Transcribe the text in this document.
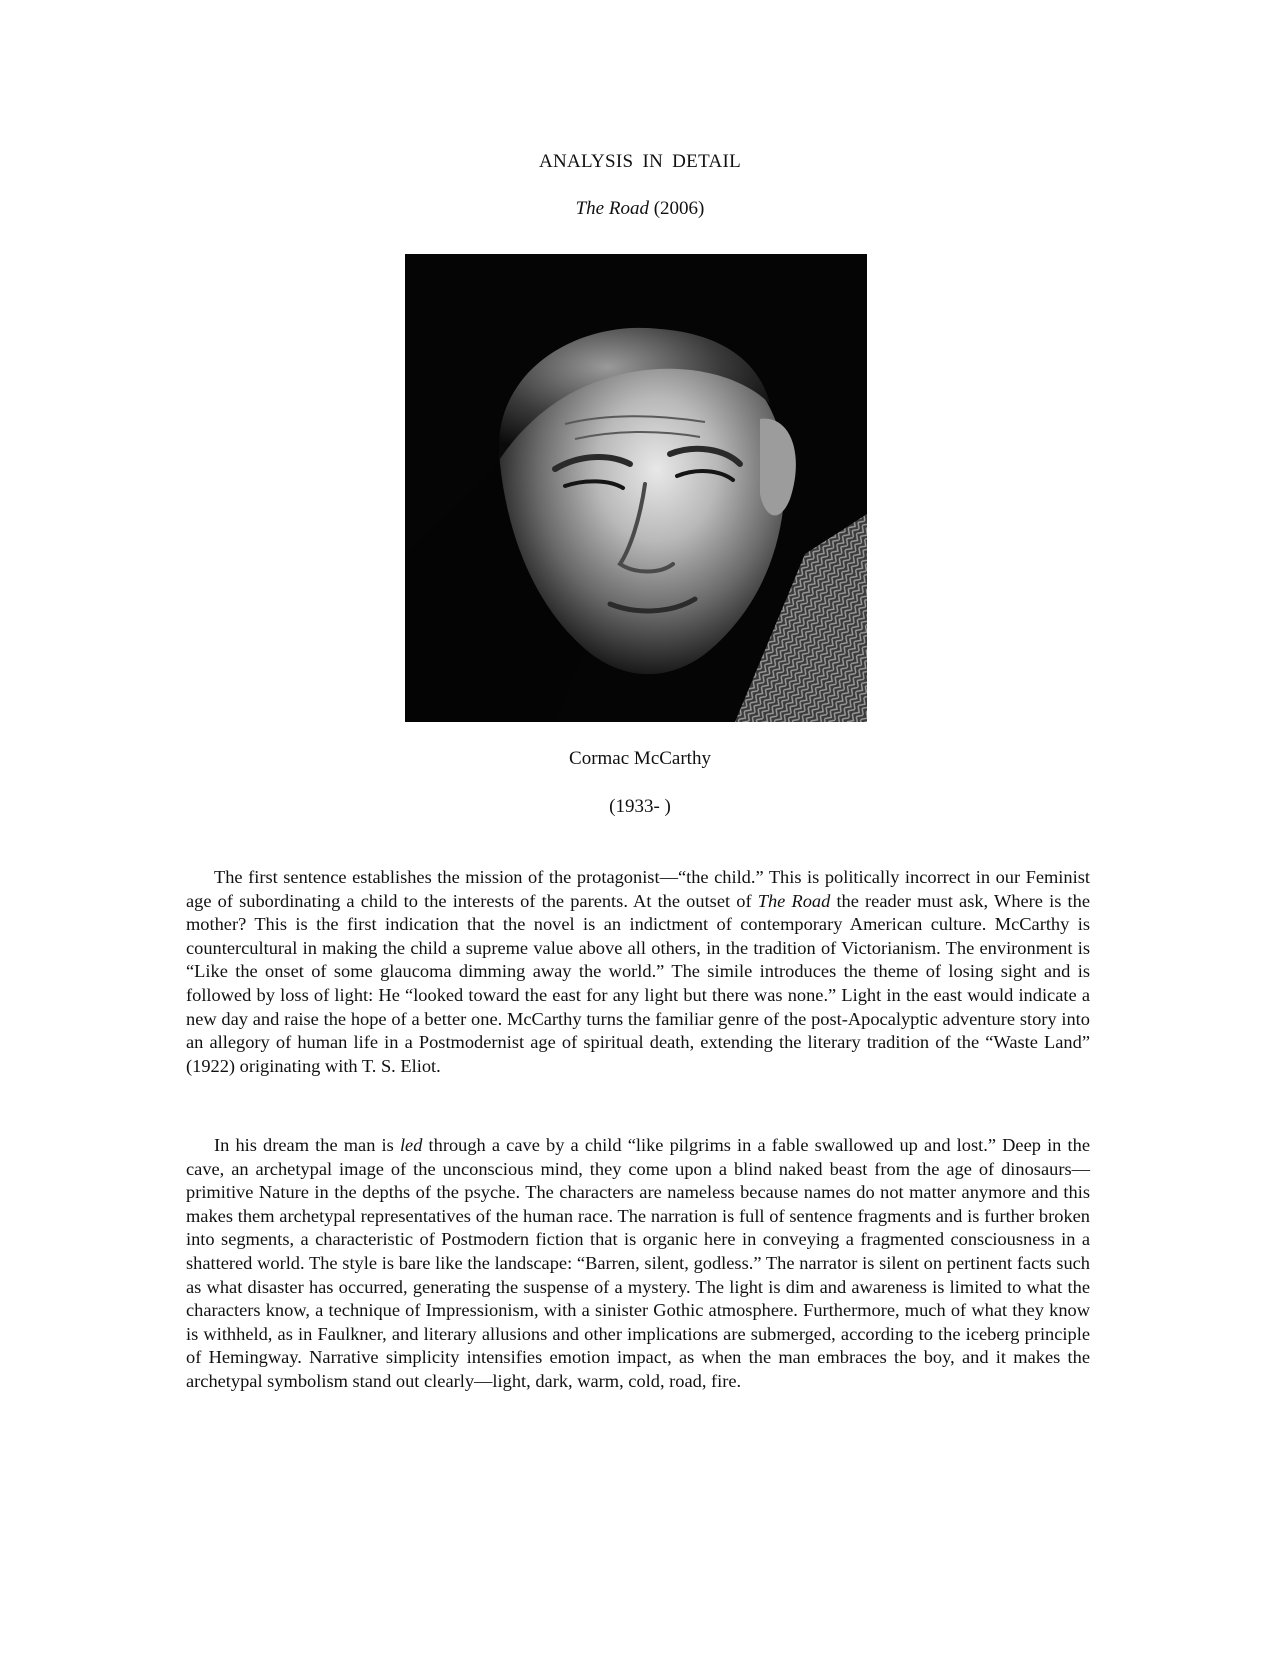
ANALYSIS IN DETAIL
The Road (2006)
Cormac McCarthy
(1933- )

The first sentence establishes the mission of the protagonist—“the child.” This is politically incorrect in our Feminist age of subordinating a child to the interests of the parents. At the outset of The Road the reader must ask, Where is the mother? This is the first indication that the novel is an indictment of contemporary American culture. McCarthy is countercultural in making the child a supreme value above all others, in the tradition of Victorianism. The environment is “Like the onset of some glaucoma dimming away the world.” The simile introduces the theme of losing sight and is followed by loss of light: He “looked toward the east for any light but there was none.” Light in the east would indicate a new day and raise the hope of a better one. McCarthy turns the familiar genre of the post-Apocalyptic adventure story into an allegory of human life in a Postmodernist age of spiritual death, extending the literary tradition of the “Waste Land” (1922) originating with T. S. Eliot.

In his dream the man is led through a cave by a child “like pilgrims in a fable swallowed up and lost.” Deep in the cave, an archetypal image of the unconscious mind, they come upon a blind naked beast from the age of dinosaurs—primitive Nature in the depths of the psyche. The characters are nameless because names do not matter anymore and this makes them archetypal representatives of the human race. The narration is full of sentence fragments and is further broken into segments, a characteristic of Postmodern fiction that is organic here in conveying a fragmented consciousness in a shattered world. The style is bare like the landscape: “Barren, silent, godless.” The narrator is silent on pertinent facts such as what disaster has occurred, generating the suspense of a mystery. The light is dim and awareness is limited to what the characters know, a technique of Impressionism, with a sinister Gothic atmosphere. Furthermore, much of what they know is withheld, as in Faulkner, and literary allusions and other implications are submerged, according to the iceberg principle of Hemingway. Narrative simplicity intensifies emotion impact, as when the man embraces the boy, and it makes the archetypal symbolism stand out clearly—light, dark, warm, cold, road, fire.
